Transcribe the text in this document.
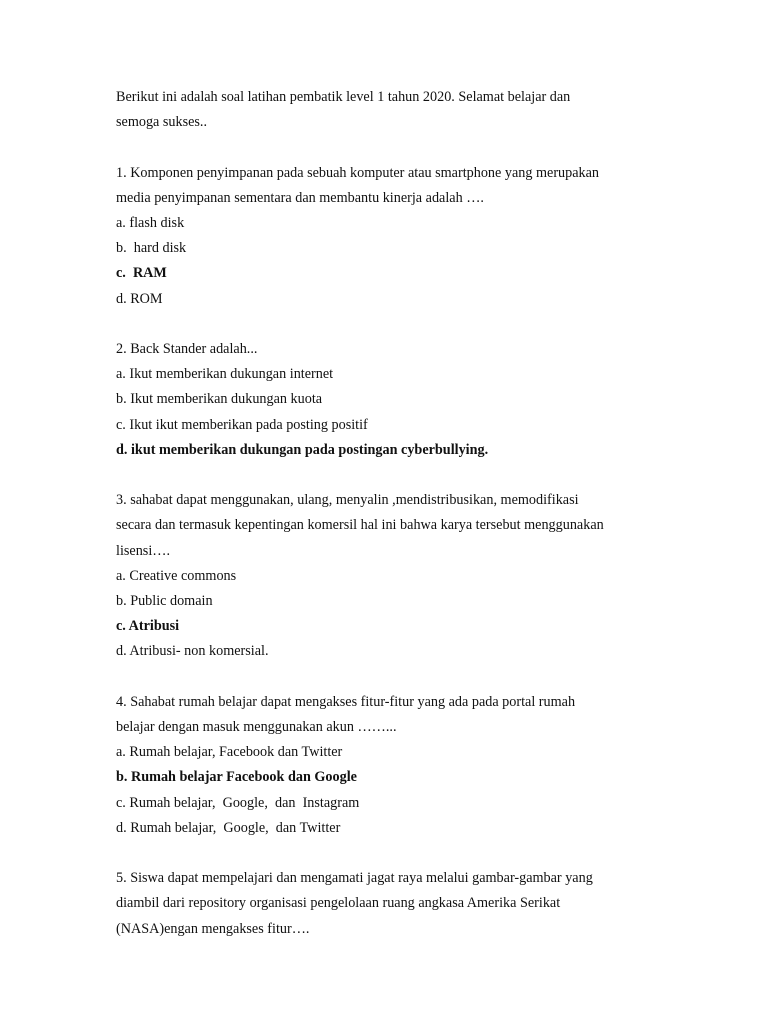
Berikut ini adalah soal latihan pembatik level 1 tahun 2020. Selamat belajar dan
semoga sukses..
1. Komponen penyimpanan pada sebuah komputer atau smartphone yang merupakan
media penyimpanan sementara dan membantu kinerja adalah ….
a. flash disk
b.  hard disk
c.  RAM
d. ROM
2. Back Stander adalah...
a. Ikut memberikan dukungan internet
b. Ikut memberikan dukungan kuota
c. Ikut ikut memberikan pada posting positif
d. ikut memberikan dukungan pada postingan cyberbullying.
3. sahabat dapat menggunakan, ulang, menyalin ,mendistribusikan, memodifikasi
secara dan termasuk kepentingan komersil hal ini bahwa karya tersebut menggunakan
lisensi….
a. Creative commons
b. Public domain
c. Atribusi
d. Atribusi- non komersial.
4. Sahabat rumah belajar dapat mengakses fitur-fitur yang ada pada portal rumah
belajar dengan masuk menggunakan akun ……...
a. Rumah belajar, Facebook dan Twitter
b. Rumah belajar Facebook dan Google
c. Rumah belajar,  Google,  dan  Instagram
d. Rumah belajar,  Google,  dan Twitter
5. Siswa dapat mempelajari dan mengamati jagat raya melalui gambar-gambar yang
diambil dari repository organisasi pengelolaan ruang angkasa Amerika Serikat
(NASA)engan mengakses fitur….
